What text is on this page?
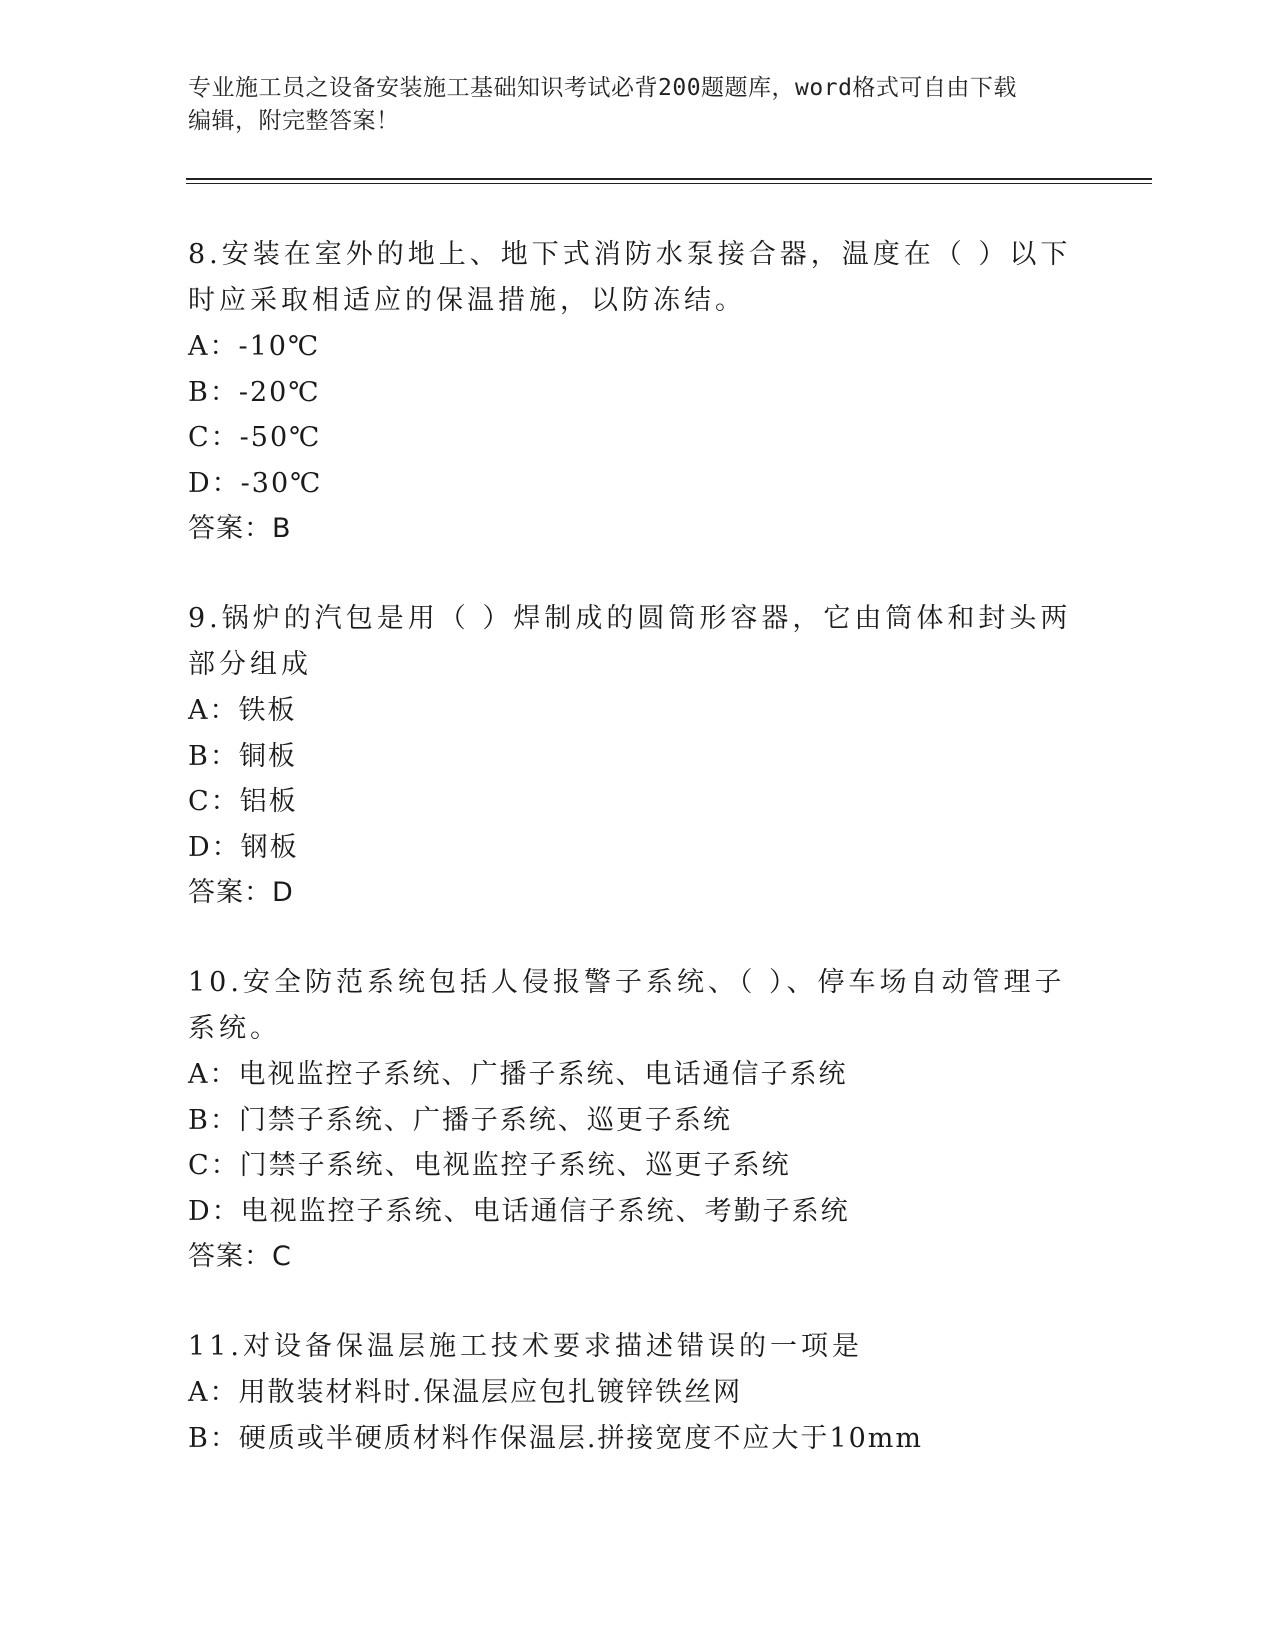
专业施工员之设备安装施工基础知识考试必背200题题库，word格式可自由下载
编辑，附完整答案！

8.安装在室外的地上、地下式消防水泵接合器，温度在（ ）以下时应采取相适应的保温措施，以防冻结。

A：-10℃

B：-20℃

C：-50℃

D：-30℃

答案：B

9.锅炉的汽包是用（ ）焊制成的圆筒形容器，它由筒体和封头两部分组成

A：铁板

B：铜板

C：铝板

D：钢板

答案：D

10.安全防范系统包括人侵报警子系统、（ ）、停车场自动管理子系统。

A：电视监控子系统、广播子系统、电话通信子系统

B：门禁子系统、广播子系统、巡更子系统

C：门禁子系统、电视监控子系统、巡更子系统

D：电视监控子系统、电话通信子系统、考勤子系统

答案：C

11.对设备保温层施工技术要求描述错误的一项是

A：用散装材料时.保温层应包扎镀锌铁丝网

B：硬质或半硬质材料作保温层.拼接宽度不应大于10mm
